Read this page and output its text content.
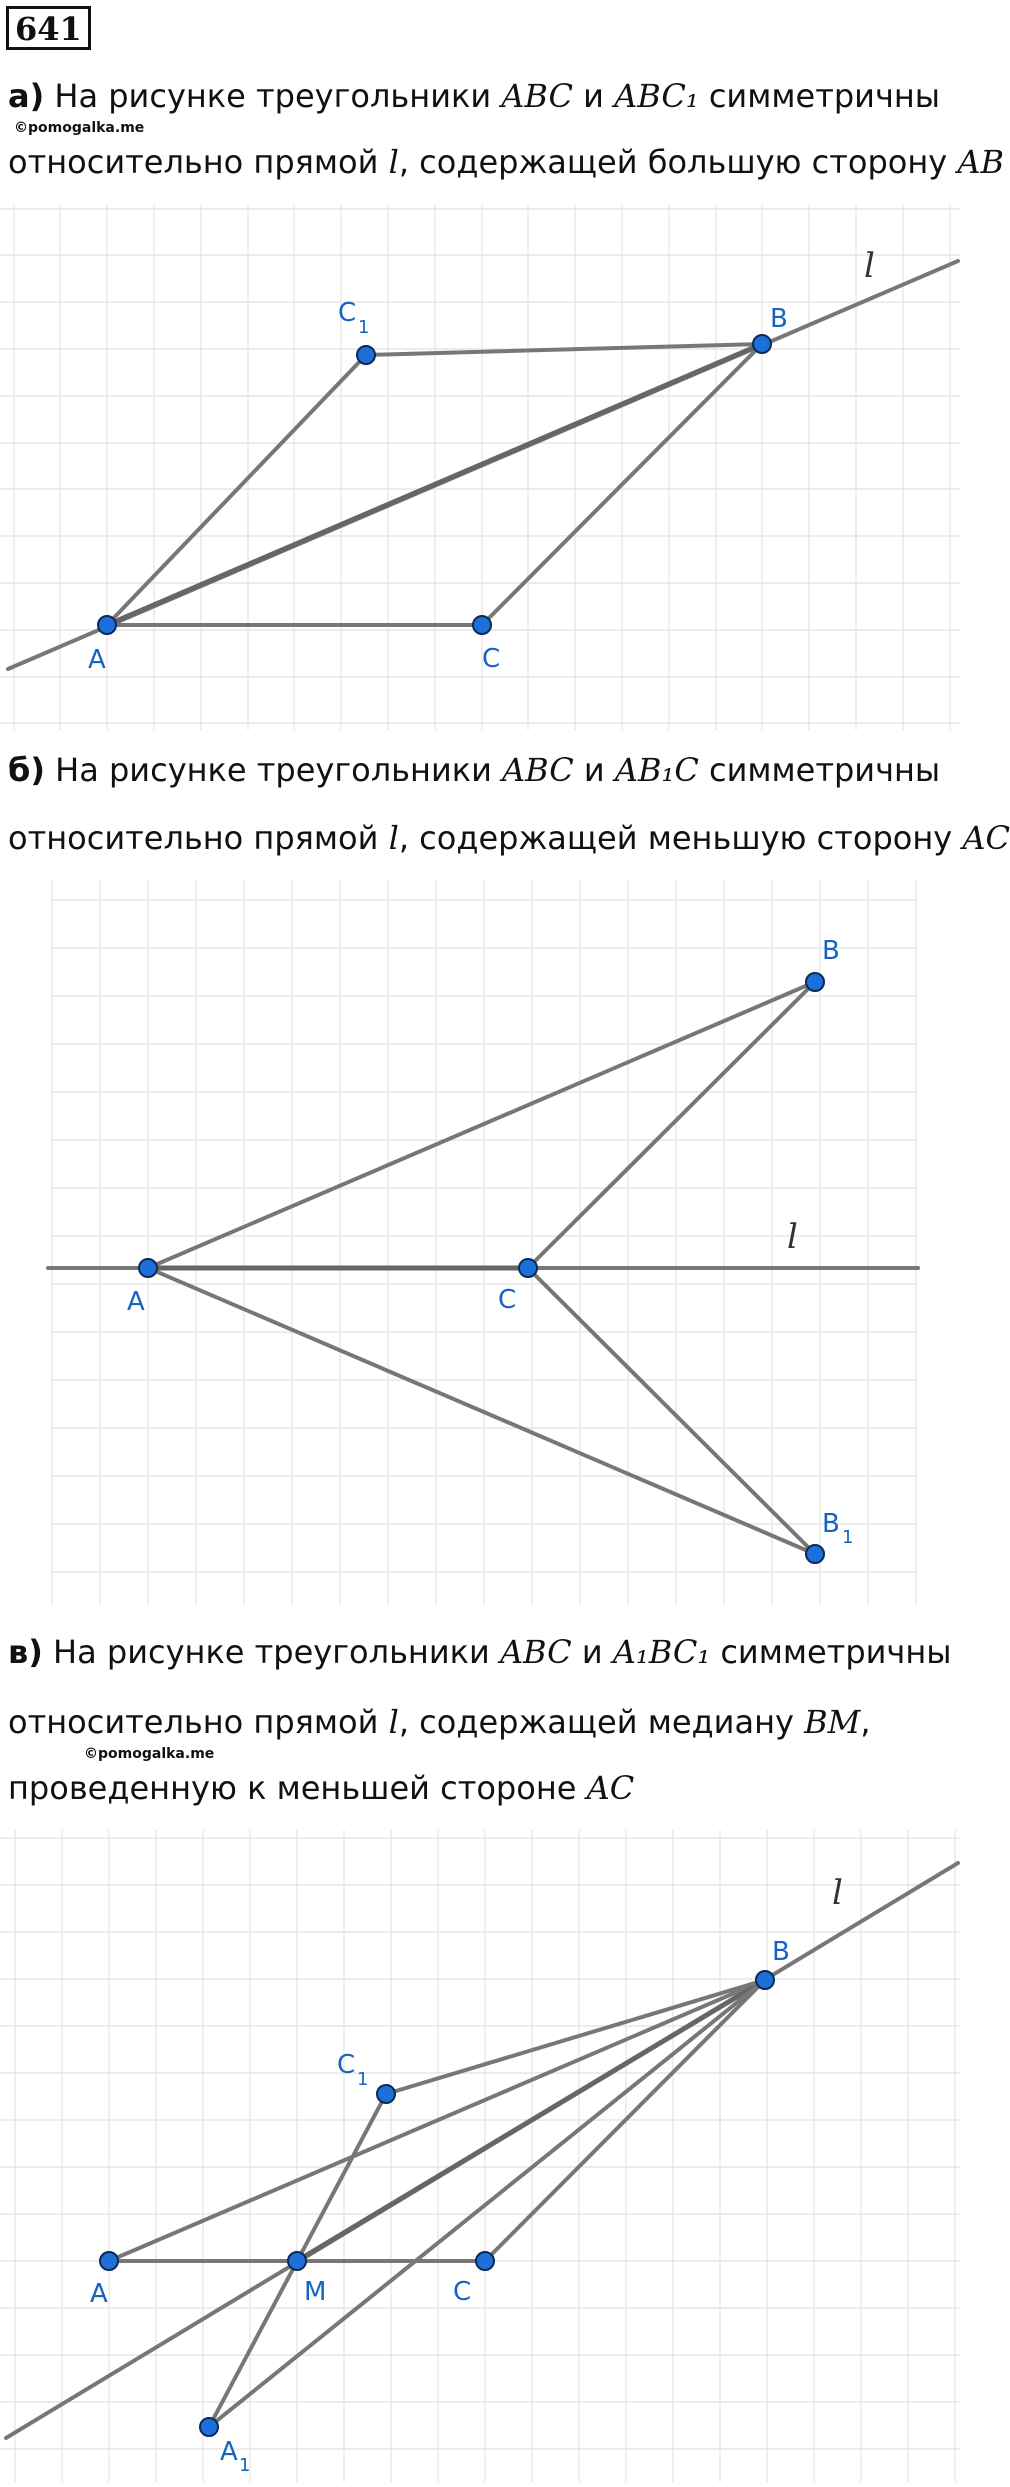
641
а) На рисунке треугольники ABC и ABC₁ симметричны
©pomogalka.me
относительно прямой l, содержащей большую сторону AB
A
B
C
C 1
l
б) На рисунке треугольники ABC и AB₁C симметричны
относительно прямой l, содержащей меньшую сторону AC
A
B
C
B 1
l
в) На рисунке треугольники ABC и A₁BC₁ симметричны
относительно прямой l, содержащей медиану BM,
©pomogalka.me
проведенную к меньшей стороне AC
A	M	C
B
C 1
A 1
l
